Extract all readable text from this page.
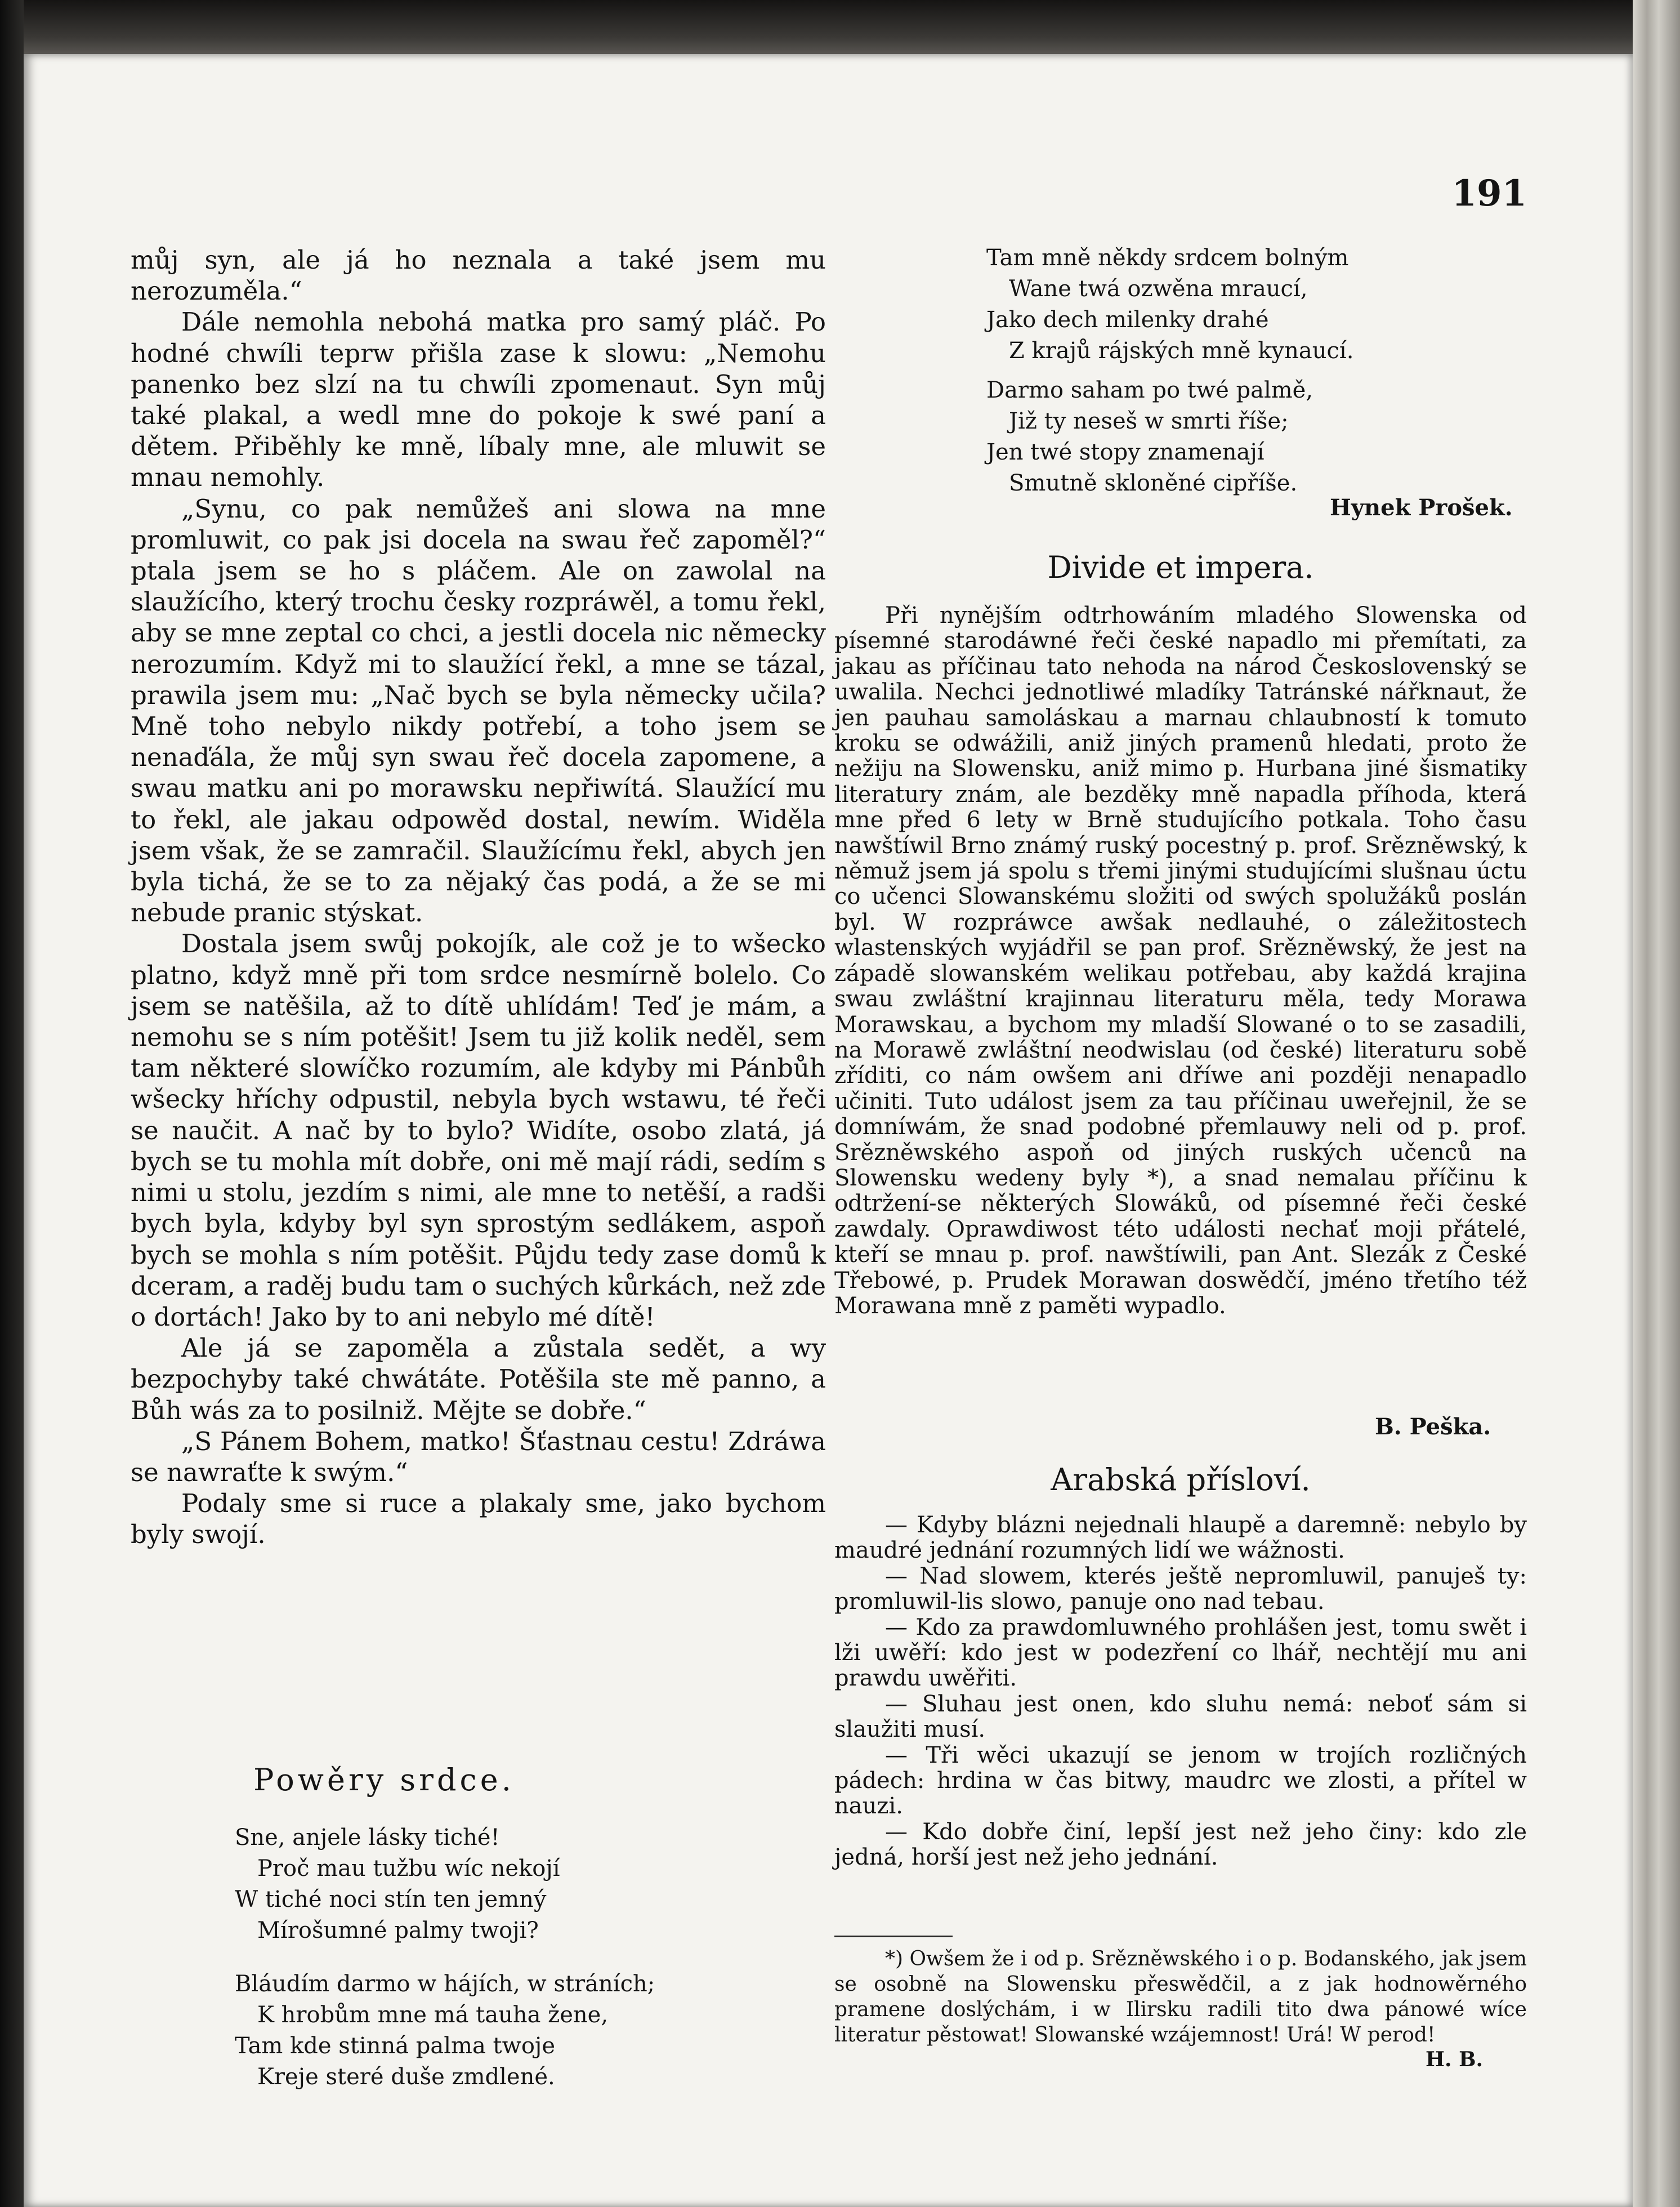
191

můj syn, ale já ho neznala a také jsem mu nerozuměla.“

Dále nemohla nebohá matka pro samý pláč. Po hodné chwíli teprw přišla zase k slowu: „Nemohu panenko bez slzí na tu chwíli zpomenaut. Syn můj také plakal, a wedl mne do pokoje k swé paní a dětem. Přiběhly ke mně, líbaly mne, ale mluwit se mnau nemohly.

„Synu, co pak nemůžeš ani slowa na mne promluwit, co pak jsi docela na swau řeč zapoměl?“ ptala jsem se ho s pláčem. Ale on zawolal na slaužícího, který trochu česky rozpráwěl, a tomu řekl, aby se mne zeptal co chci, a jestli docela nic německy nerozumím. Když mi to slaužící řekl, a mne se tázal, prawila jsem mu: „Nač bych se byla německy učila? Mně toho nebylo nikdy potřebí, a toho jsem se nenaďála, že můj syn swau řeč docela zapomene, a swau matku ani po morawsku nepřiwítá. Slaužící mu to řekl, ale jakau odpowěd dostal, newím. Widěla jsem však, že se zamračil. Slaužícímu řekl, abych jen byla tichá, že se to za nějaký čas podá, a že se mi nebude pranic stýskat.

Dostala jsem swůj pokojík, ale což je to wšecko platno, když mně při tom srdce nesmírně bolelo. Co jsem se natěšila, až to dítě uhlídám! Teď je mám, a nemohu se s ním potěšit! Jsem tu již kolik neděl, sem tam některé slowíčko rozumím, ale kdyby mi Pánbůh wšecky hříchy odpustil, nebyla bych wstawu, té řeči se naučit. A nač by to bylo? Widíte, osobo zlatá, já bych se tu mohla mít dobře, oni mě mají rádi, sedím s nimi u stolu, jezdím s nimi, ale mne to netěší, a radši bych byla, kdyby byl syn sprostým sedlákem, aspoň bych se mohla s ním potěšit. Půjdu tedy zase domů k dceram, a raděj budu tam o suchých kůrkách, než zde o dortách! Jako by to ani nebylo mé dítě!

Ale já se zapoměla a zůstala sedět, a wy bezpochyby také chwátáte. Potěšila ste mě panno, a Bůh wás za to posilniž. Mějte se dobře.“

„S Pánem Bohem, matko! Šťastnau cestu! Zdráwa se nawraťte k swým.“

Podaly sme si ruce a plakaly sme, jako bychom byly swojí.

Powěry srdce.
Sne, anjele lásky tiché!
Proč mau tužbu wíc nekojí
W tiché noci stín ten jemný
Mírošumné palmy twoji?
Bláudím darmo w hájích, w stráních;
K hrobům mne má tauha žene,
Tam kde stinná palma twoje
Kreje steré duše zmdlené.
Tam mně někdy srdcem bolným
Wane twá ozwěna mraucí,
Jako dech milenky drahé
Z krajů rájských mně kynaucí.
Darmo saham po twé palmě,
Již ty neseš w smrti říše;
Jen twé stopy znamenají
Smutně skloněné cipříše.
Hynek Prošek.
Divide et impera.

Při nynějším odtrhowáním mladého Slowenska od písemné starodáwné řeči české napadlo mi přemítati, za jakau as příčinau tato nehoda na národ Československý se uwalila. Nechci jednotliwé mladíky Tatránské nářknaut, že jen pauhau samoláskau a marnau chlaubností k tomuto kroku se odwážili, aniž jiných pramenů hledati, proto že nežiju na Slowensku, aniž mimo p. Hurbana jiné šismatiky literatury znám, ale bezděky mně napadla příhoda, která mne před 6 lety w Brně studujícího potkala. Toho času nawštíwil Brno známý ruský pocestný p. prof. Srězněwský, k němuž jsem já spolu s třemi jinými studujícími slušnau úctu co učenci Slowanskému složiti od swých spolužáků poslán byl. W rozpráwce awšak nedlauhé, o záležitostech wlastenských wyjádřil se pan prof. Srězněwský, že jest na západě slowanském welikau potřebau, aby každá krajina swau zwláštní krajinnau literaturu měla, tedy Morawa Morawskau, a bychom my mladší Slowané o to se zasadili, na Morawě zwláštní neodwislau (od české) literaturu sobě zříditi, co nám owšem ani dříwe ani později nenapadlo učiniti. Tuto událost jsem za tau příčinau uweřejnil, že se domníwám, že snad podobné přemlauwy neli od p. prof. Srězněwského aspoň od jiných ruských učenců na Slowensku wedeny byly *), a snad nemalau příčinu k odtržení-se některých Slowáků, od písemné řeči české zawdaly. Oprawdiwost této události nechať moji přátelé, kteří se mnau p. prof. nawštíwili, pan Ant. Slezák z České Třebowé, p. Prudek Morawan doswědčí, jméno třetího též Morawana mně z paměti wypadlo.

B. Peška.
Arabská přísloví.

— Kdyby blázni nejednali hlaupě a daremně: nebylo by maudré jednání rozumných lidí we wážnosti.

— Nad slowem, kterés ještě nepromluwil, panuješ ty: promluwil-lis slowo, panuje ono nad tebau.

— Kdo za prawdomluwného prohlášen jest, tomu swět i lži uwěří: kdo jest w podezření co lhář, nechtějí mu ani prawdu uwěřiti.

— Sluhau jest onen, kdo sluhu nemá: neboť sám si slaužiti musí.

— Tři wěci ukazují se jenom w trojích rozličných pádech: hrdina w čas bitwy, maudrc we zlosti, a přítel w nauzi.

— Kdo dobře činí, lepší jest než jeho činy: kdo zle jedná, horší jest než jeho jednání.

*) Owšem že i od p. Srězněwského i o p. Bodanského, jak jsem se osobně na Slowensku přeswědčil, a z jak hodnowěrného pramene doslýchám, i w Ilirsku radili tito dwa pánowé wíce literatur pěstowat! Slowanské wzájemnost! Urá! W perod!

H. B.
